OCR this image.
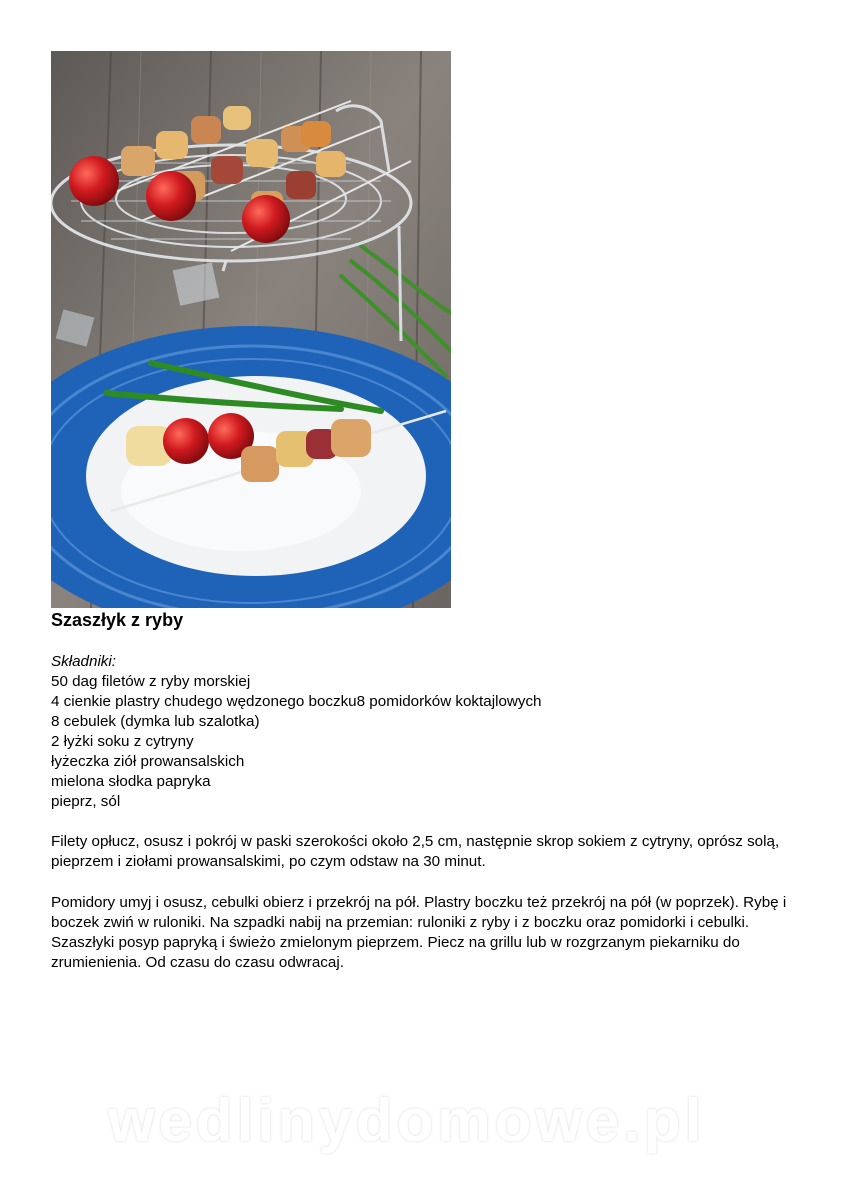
Szaszłyk z ryby

Składniki:

50 dag filetów z ryby morskiej
4 cienkie plastry chudego wędzonego boczku8 pomidorków koktajlowych
8 cebulek (dymka lub szalotka)
2 łyżki soku z cytryny
łyżeczka ziół prowansalskich
mielona słodka papryka
pieprz, sól

Filety opłucz, osusz i pokrój w paski szerokości około 2,5 cm, następnie skrop sokiem z cytryny, oprósz solą, pieprzem i ziołami prowansalskimi, po czym odstaw na 30 minut.

Pomidory umyj i osusz, cebulki obierz i przekrój na pół. Plastry boczku też przekrój na pół (w poprzek). Rybę i boczek zwiń w ruloniki. Na szpadki nabij na przemian: ruloniki z ryby i z boczku oraz pomidorki i cebulki. Szaszłyki posyp papryką i świeżo zmielonym pieprzem. Piecz na grillu lub w rozgrzanym piekarniku do zrumienienia. Od czasu do czasu odwracaj.

wedlinydomowe.pl
